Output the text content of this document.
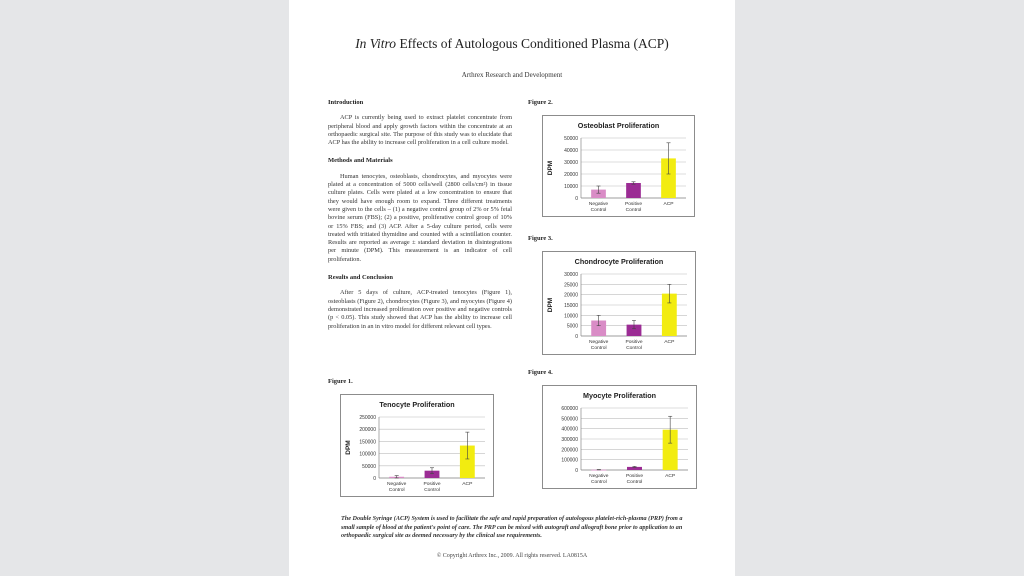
In Vitro Effects of Autologous Conditioned Plasma (ACP)
Arthrex Research and Development
Introduction

ACP is currently being used to extract platelet concentrate from peripheral blood and apply growth factors within the concentrate at an orthopaedic surgical site. The purpose of this study was to elucidate that ACP has the ability to increase cell proliferation in a cell culture model.

Methods and Materials

Human tenocytes, osteoblasts, chondrocytes, and myocytes were plated at a concentration of 5000 cells/well (2800 cells/cm²) in tissue culture plates. Cells were plated at a low concentration to ensure that they would have enough room to expand. Three different treatments were given to the cells – (1) a negative control group of 2% or 5% fetal bovine serum (FBS); (2) a positive, proliferative control group of 10% or 15% FBS; and (3) ACP. After a 5-day culture period, cells were treated with tritiated thymidine and counted with a scintillation counter. Results are reported as average ± standard deviation in disintegrations per minute (DPM). This measurement is an indicator of cell proliferation.

Results and Conclusion

After 5 days of culture, ACP-treated tenocytes (Figure 1), osteoblasts (Figure 2), chondrocytes (Figure 3), and myocytes (Figure 4) demonstrated increased proliferation over positive and negative controls (p < 0.05). This study showed that ACP has the ability to increase cell proliferation in an in vitro model for different relevant cell types.

Figure 1.
Figure 2.
Figure 3.
Figure 4.
Tenocyte Proliferation
DPM
0
50000
100000
150000
200000
250000
Negative
Control
Positive
Control
ACP
Osteoblast Proliferation
DPM
0
10000
20000
30000
40000
50000
Negative
Control
Positive
Control
ACP
Chondrocyte Proliferation
DPM
0
5000
10000
15000
20000
25000
30000
Negative
Control
Positive
Control
ACP
Myocyte Proliferation
0
100000
200000
300000
400000
500000
600000
Negative
Control
Positive
Control
ACP
The Double Syringe (ACP) System is used to facilitate the safe and rapid preparation of autologous platelet-rich-plasma (PRP) from a small sample of blood at the patient's point of care. The PRP can be mixed with autograft and allograft bone prior to application to an orthopaedic surgical site as deemed necessary by the clinical use requirements.
© Copyright Arthrex Inc., 2009. All rights reserved. LA0815A
